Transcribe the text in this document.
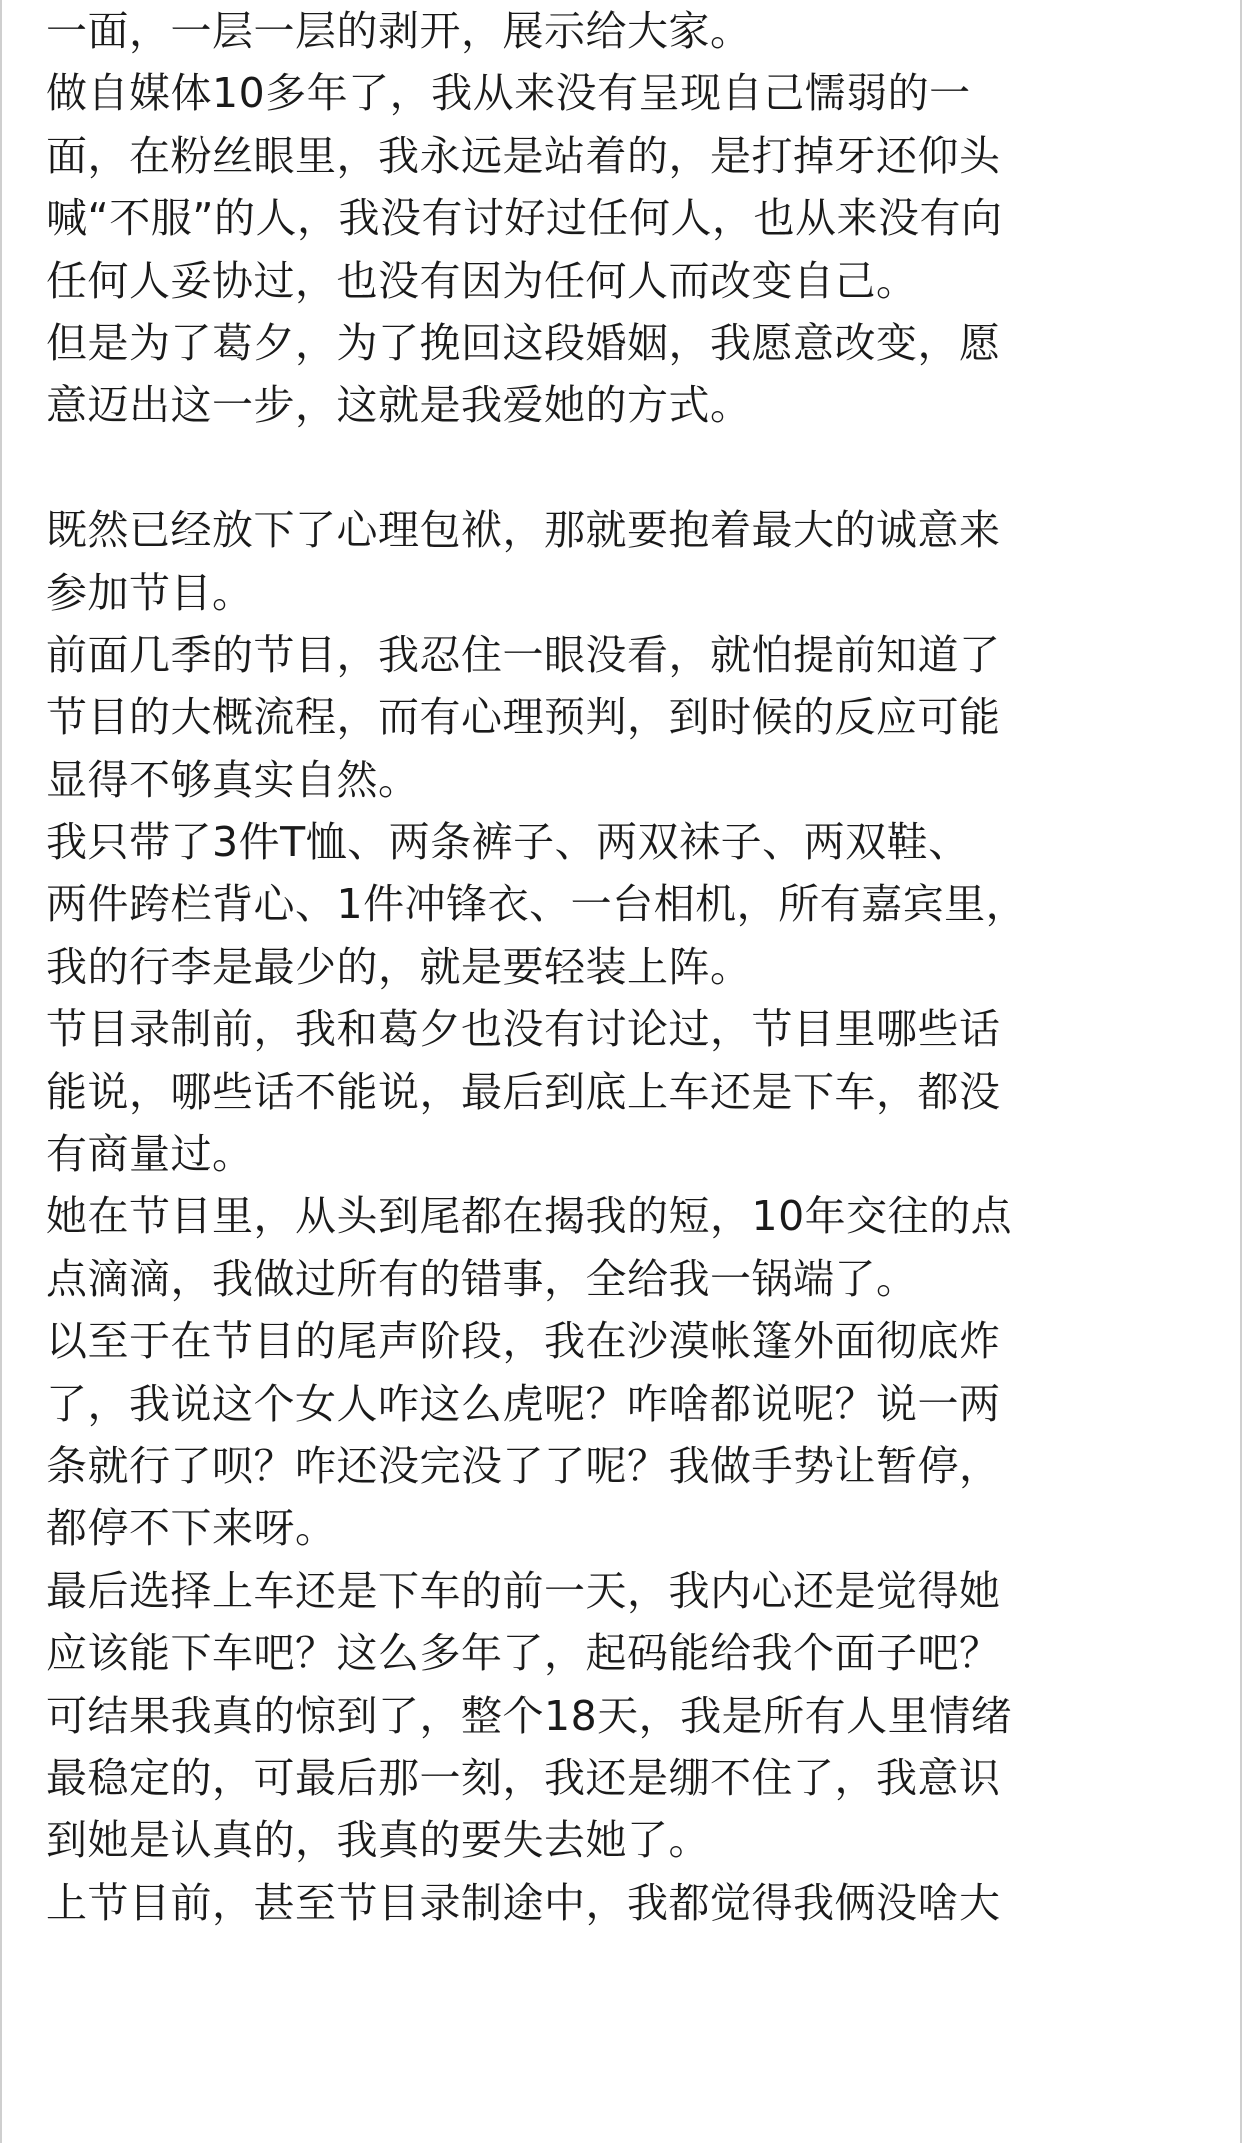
一面，一层一层的剥开，展示给大家。
做自媒体10多年了，我从来没有呈现自己懦弱的一
面，在粉丝眼里，我永远是站着的，是打掉牙还仰头
喊“不服”的人，我没有讨好过任何人，也从来没有向
任何人妥协过，也没有因为任何人而改变自己。
但是为了葛夕，为了挽回这段婚姻，我愿意改变，愿
意迈出这一步，这就是我爱她的方式。
既然已经放下了心理包袱，那就要抱着最大的诚意来
参加节目。
前面几季的节目，我忍住一眼没看，就怕提前知道了
节目的大概流程，而有心理预判，到时候的反应可能
显得不够真实自然。
我只带了3件T恤、两条裤子、两双袜子、两双鞋、
两件跨栏背心、1件冲锋衣、一台相机，所有嘉宾里，
我的行李是最少的，就是要轻装上阵。
节目录制前，我和葛夕也没有讨论过，节目里哪些话
能说，哪些话不能说，最后到底上车还是下车，都没
有商量过。
她在节目里，从头到尾都在揭我的短，10年交往的点
点滴滴，我做过所有的错事，全给我一锅端了。
以至于在节目的尾声阶段，我在沙漠帐篷外面彻底炸
了，我说这个女人咋这么虎呢？咋啥都说呢？说一两
条就行了呗？咋还没完没了了呢？我做手势让暂停，
都停不下来呀。
最后选择上车还是下车的前一天，我内心还是觉得她
应该能下车吧？这么多年了，起码能给我个面子吧？
可结果我真的惊到了，整个18天，我是所有人里情绪
最稳定的，可最后那一刻，我还是绷不住了，我意识
到她是认真的，我真的要失去她了。
上节目前，甚至节目录制途中，我都觉得我俩没啥大
